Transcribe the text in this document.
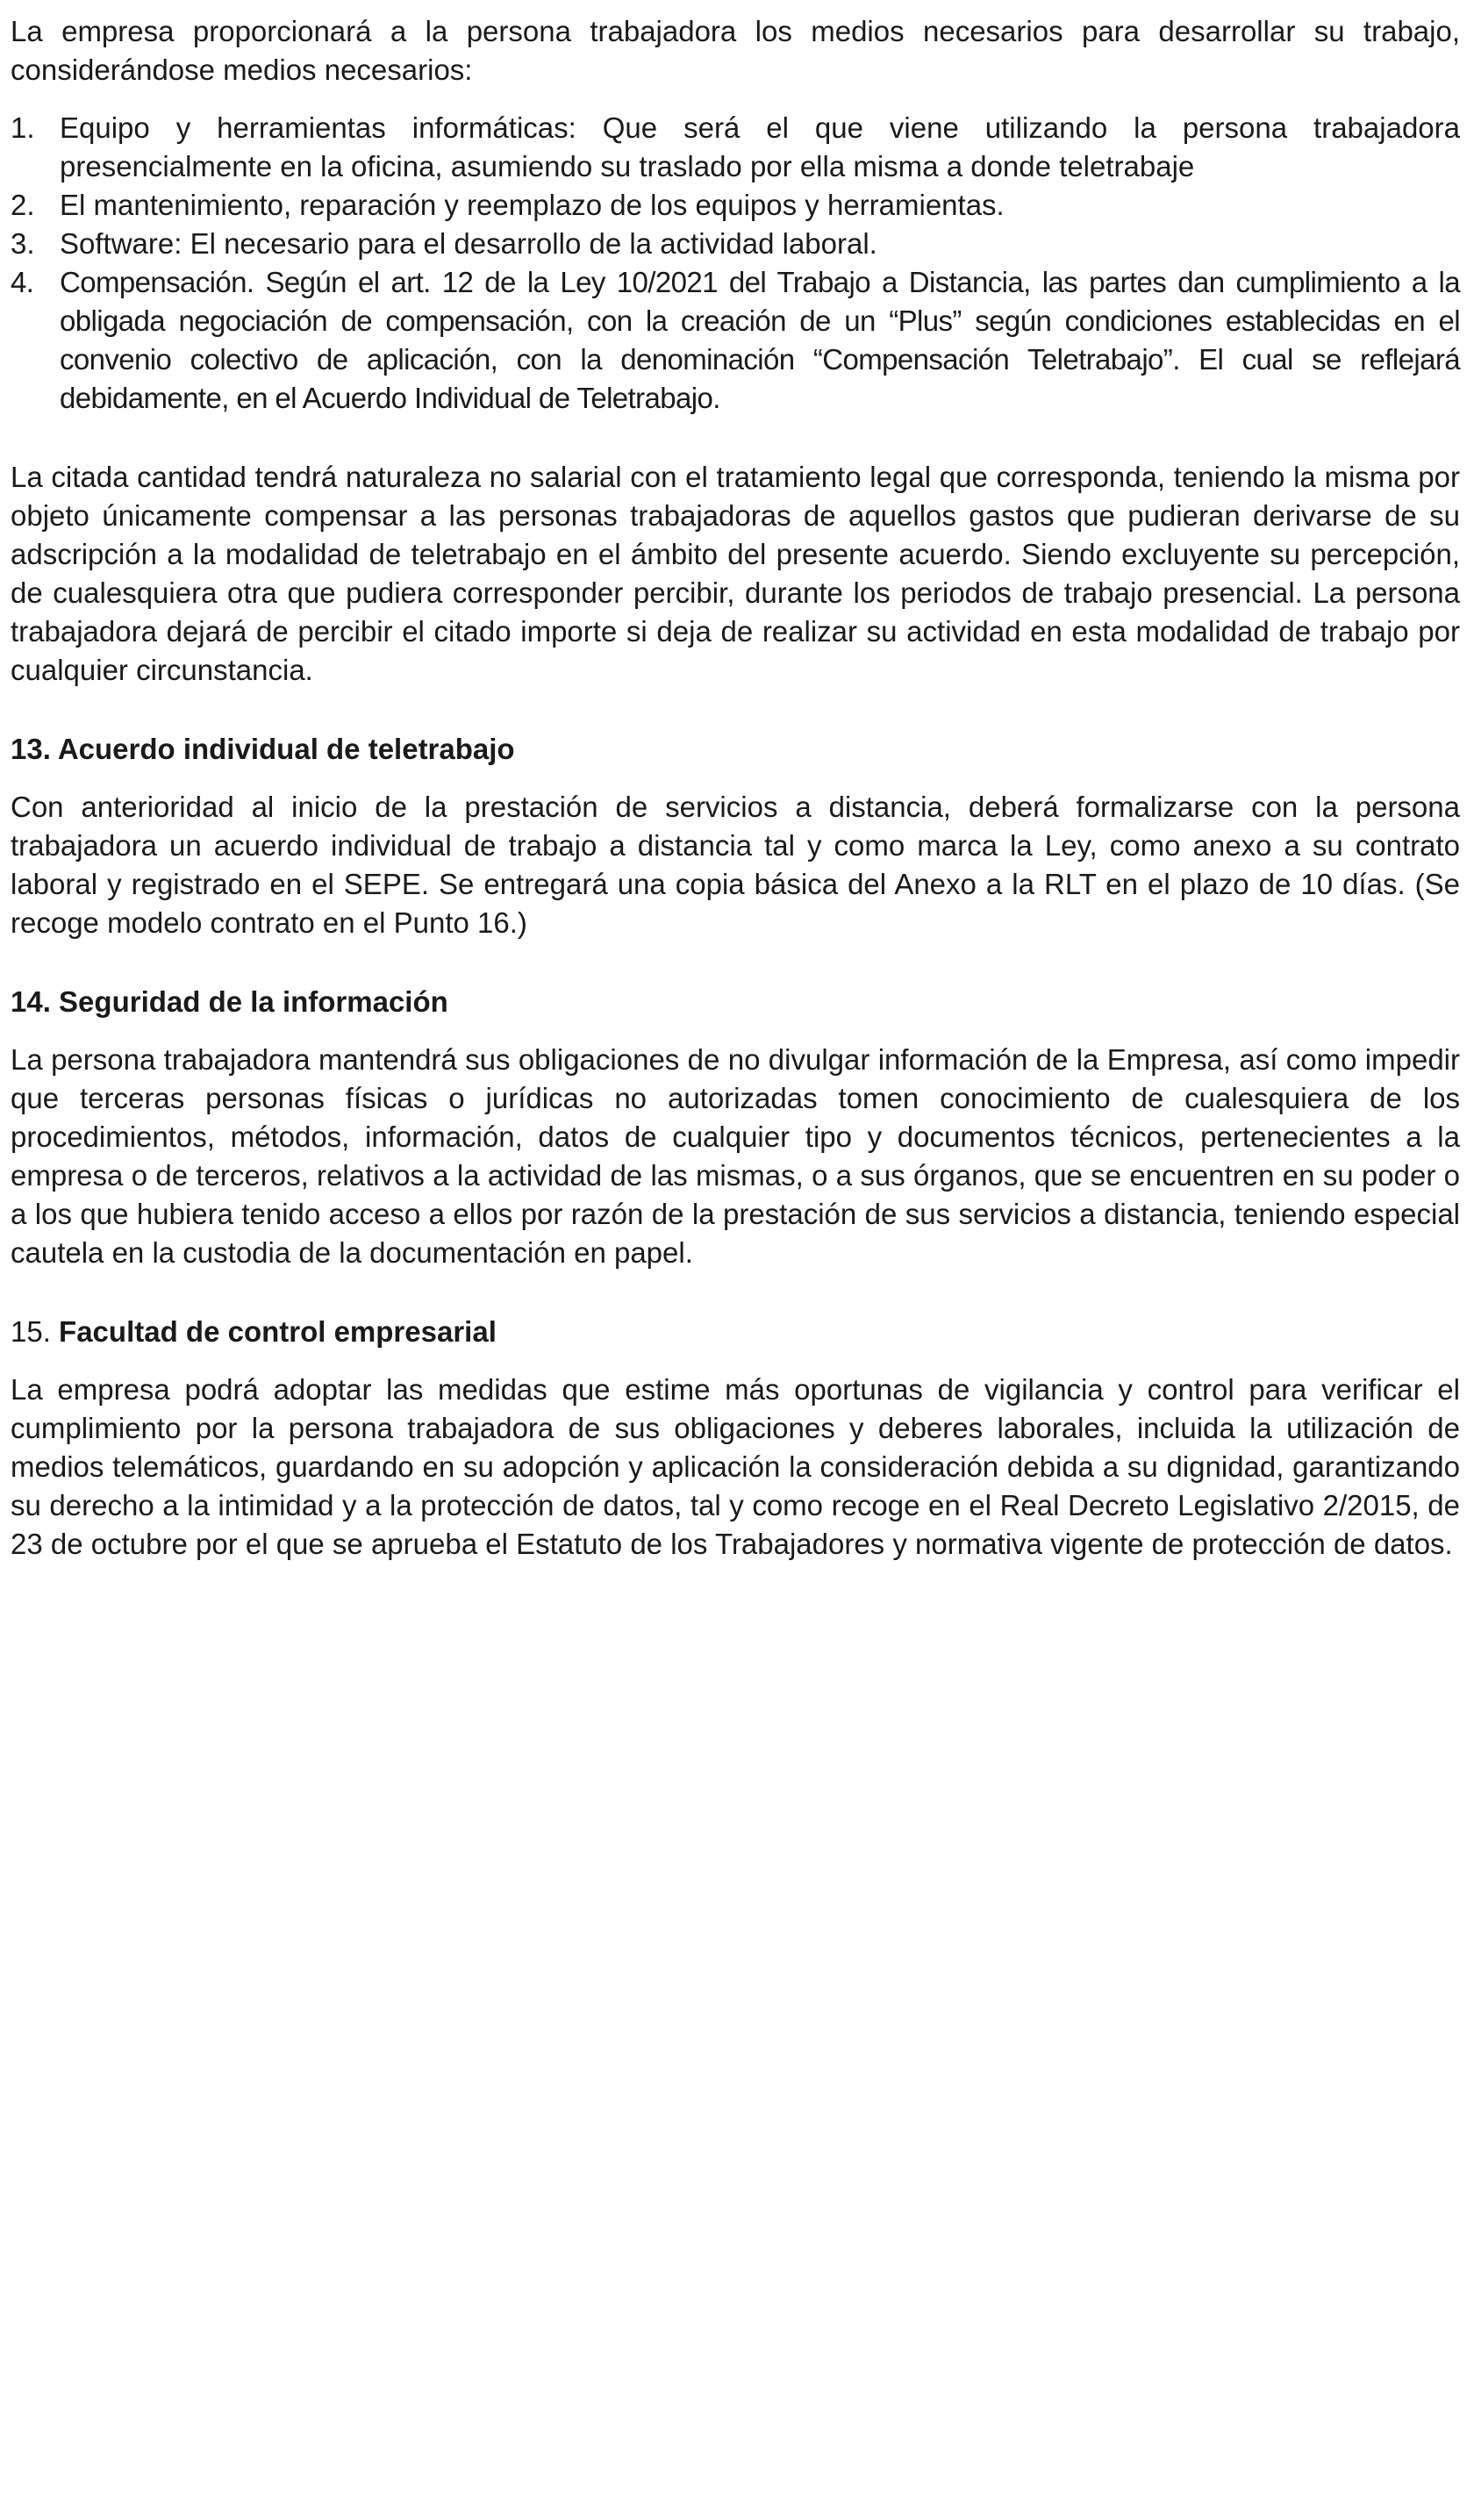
La empresa proporcionará a la persona trabajadora los medios necesarios para desarrollar su trabajo, considerándose medios necesarios:

1. Equipo y herramientas informáticas: Que será el que viene utilizando la persona trabajadora presencialmente en la oficina, asumiendo su traslado por ella misma a donde teletrabaje
2. El mantenimiento, reparación y reemplazo de los equipos y herramientas.
3. Software: El necesario para el desarrollo de la actividad laboral.
4. Compensación. Según el art. 12 de la Ley 10/2021 del Trabajo a Distancia, las partes dan cumplimiento a la obligada negociación de compensación, con la creación de un “Plus” según condiciones establecidas en el convenio colectivo de aplicación, con la denominación “Compensación Teletrabajo”. El cual se reflejará debidamente, en el Acuerdo Individual de Teletrabajo.

La citada cantidad tendrá naturaleza no salarial con el tratamiento legal que corresponda, teniendo la misma por objeto únicamente compensar a las personas trabajadoras de aquellos gastos que pudieran derivarse de su adscripción a la modalidad de teletrabajo en el ámbito del presente acuerdo. Siendo excluyente su percepción, de cualesquiera otra que pudiera corresponder percibir, durante los periodos de trabajo presencial. La persona trabajadora dejará de percibir el citado importe si deja de realizar su actividad en esta modalidad de trabajo por cualquier circunstancia.

13. Acuerdo individual de teletrabajo

Con anterioridad al inicio de la prestación de servicios a distancia, deberá formalizarse con la persona trabajadora un acuerdo individual de trabajo a distancia tal y como marca la Ley, como anexo a su contrato laboral y registrado en el SEPE. Se entregará una copia básica del Anexo a la RLT en el plazo de 10 días. (Se recoge modelo contrato en el Punto 16.)

14. Seguridad de la información

La persona trabajadora mantendrá sus obligaciones de no divulgar información de la Empresa, así como impedir que terceras personas físicas o jurídicas no autorizadas tomen conocimiento de cualesquiera de los procedimientos, métodos, información, datos de cualquier tipo y documentos técnicos, pertenecientes a la empresa o de terceros, relativos a la actividad de las mismas, o a sus órganos, que se encuentren en su poder o a los que hubiera tenido acceso a ellos por razón de la prestación de sus servicios a distancia, teniendo especial cautela en la custodia de la documentación en papel.

15. Facultad de control empresarial

La empresa podrá adoptar las medidas que estime más oportunas de vigilancia y control para verificar el cumplimiento por la persona trabajadora de sus obligaciones y deberes laborales, incluida la utilización de medios telemáticos, guardando en su adopción y aplicación la consideración debida a su dignidad, garantizando su derecho a la intimidad y a la protección de datos, tal y como recoge en el Real Decreto Legislativo 2/2015, de 23 de octubre por el que se aprueba el Estatuto de los Trabajadores y normativa vigente de protección de datos.
